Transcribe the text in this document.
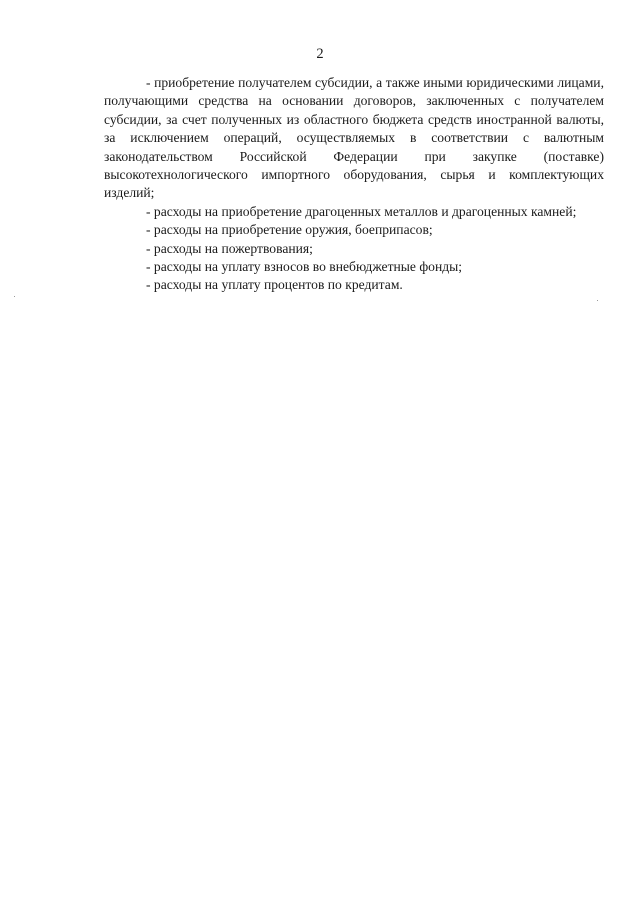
2

- приобретение получателем субсидии, а также иными юридическими лицами, получающими средства на основании договоров, заключенных с получателем субсидии, за счет полученных из областного бюджета средств иностранной валюты, за исключением операций, осуществляемых в соответствии с валютным законодательством Российской Федерации при закупке (поставке) высокотехнологического импортного оборудования, сырья и комплектующих изделий;

- расходы на приобретение драгоценных металлов и драгоценных камней;
- расходы на приобретение оружия, боеприпасов;
- расходы на пожертвования;
- расходы на уплату взносов во внебюджетные фонды;
- расходы на уплату процентов по кредитам.
